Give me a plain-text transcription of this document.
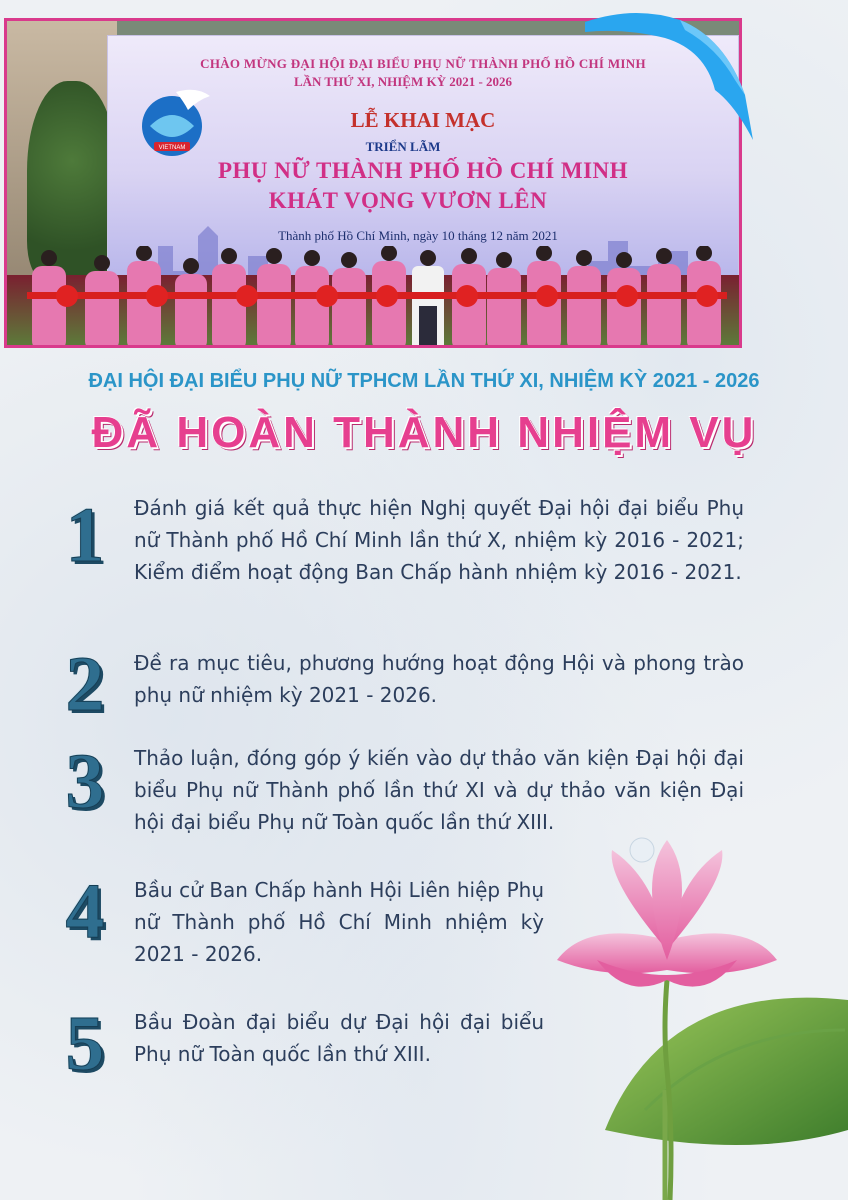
CHÀO MỪNG ĐẠI HỘI ĐẠI BIỂU PHỤ NỮ THÀNH PHỐ HỒ CHÍ MINH
LẦN THỨ XI, NHIỆM KỲ 2021 - 2026
LỄ KHAI MẠC
TRIỂN LÃM
PHỤ NỮ THÀNH PHỐ HỒ CHÍ MINH
KHÁT VỌNG VƯƠN LÊN
Thành phố Hồ Chí Minh, ngày 10 tháng 12 năm 2021
VIETNAM
ĐẠI HỘI ĐẠI BIỂU PHỤ NỮ TPHCM LẦN THỨ XI, NHIỆM KỲ 2021 - 2026
ĐÃ HOÀN THÀNH NHIỆM VỤ
1	Đánh giá kết quả thực hiện Nghị quyết Đại hội đại biểu Phụ nữ Thành phố Hồ Chí Minh lần thứ X, nhiệm kỳ 2016 - 2021; Kiểm điểm hoạt động Ban Chấp hành nhiệm kỳ 2016 - 2021.
2	Đề ra mục tiêu, phương hướng hoạt động Hội và phong trào phụ nữ nhiệm kỳ 2021 - 2026.
3	Thảo luận, đóng góp ý kiến vào dự thảo văn kiện Đại hội đại biểu Phụ nữ Thành phố lần thứ XI và dự thảo văn kiện Đại hội đại biểu Phụ nữ Toàn quốc lần thứ XIII.
4	Bầu cử Ban Chấp hành Hội Liên hiệp Phụ nữ Thành phố Hồ Chí Minh nhiệm kỳ 2021 - 2026.
5	Bầu Đoàn đại biểu dự Đại hội đại biểu Phụ nữ Toàn quốc lần thứ XIII.
